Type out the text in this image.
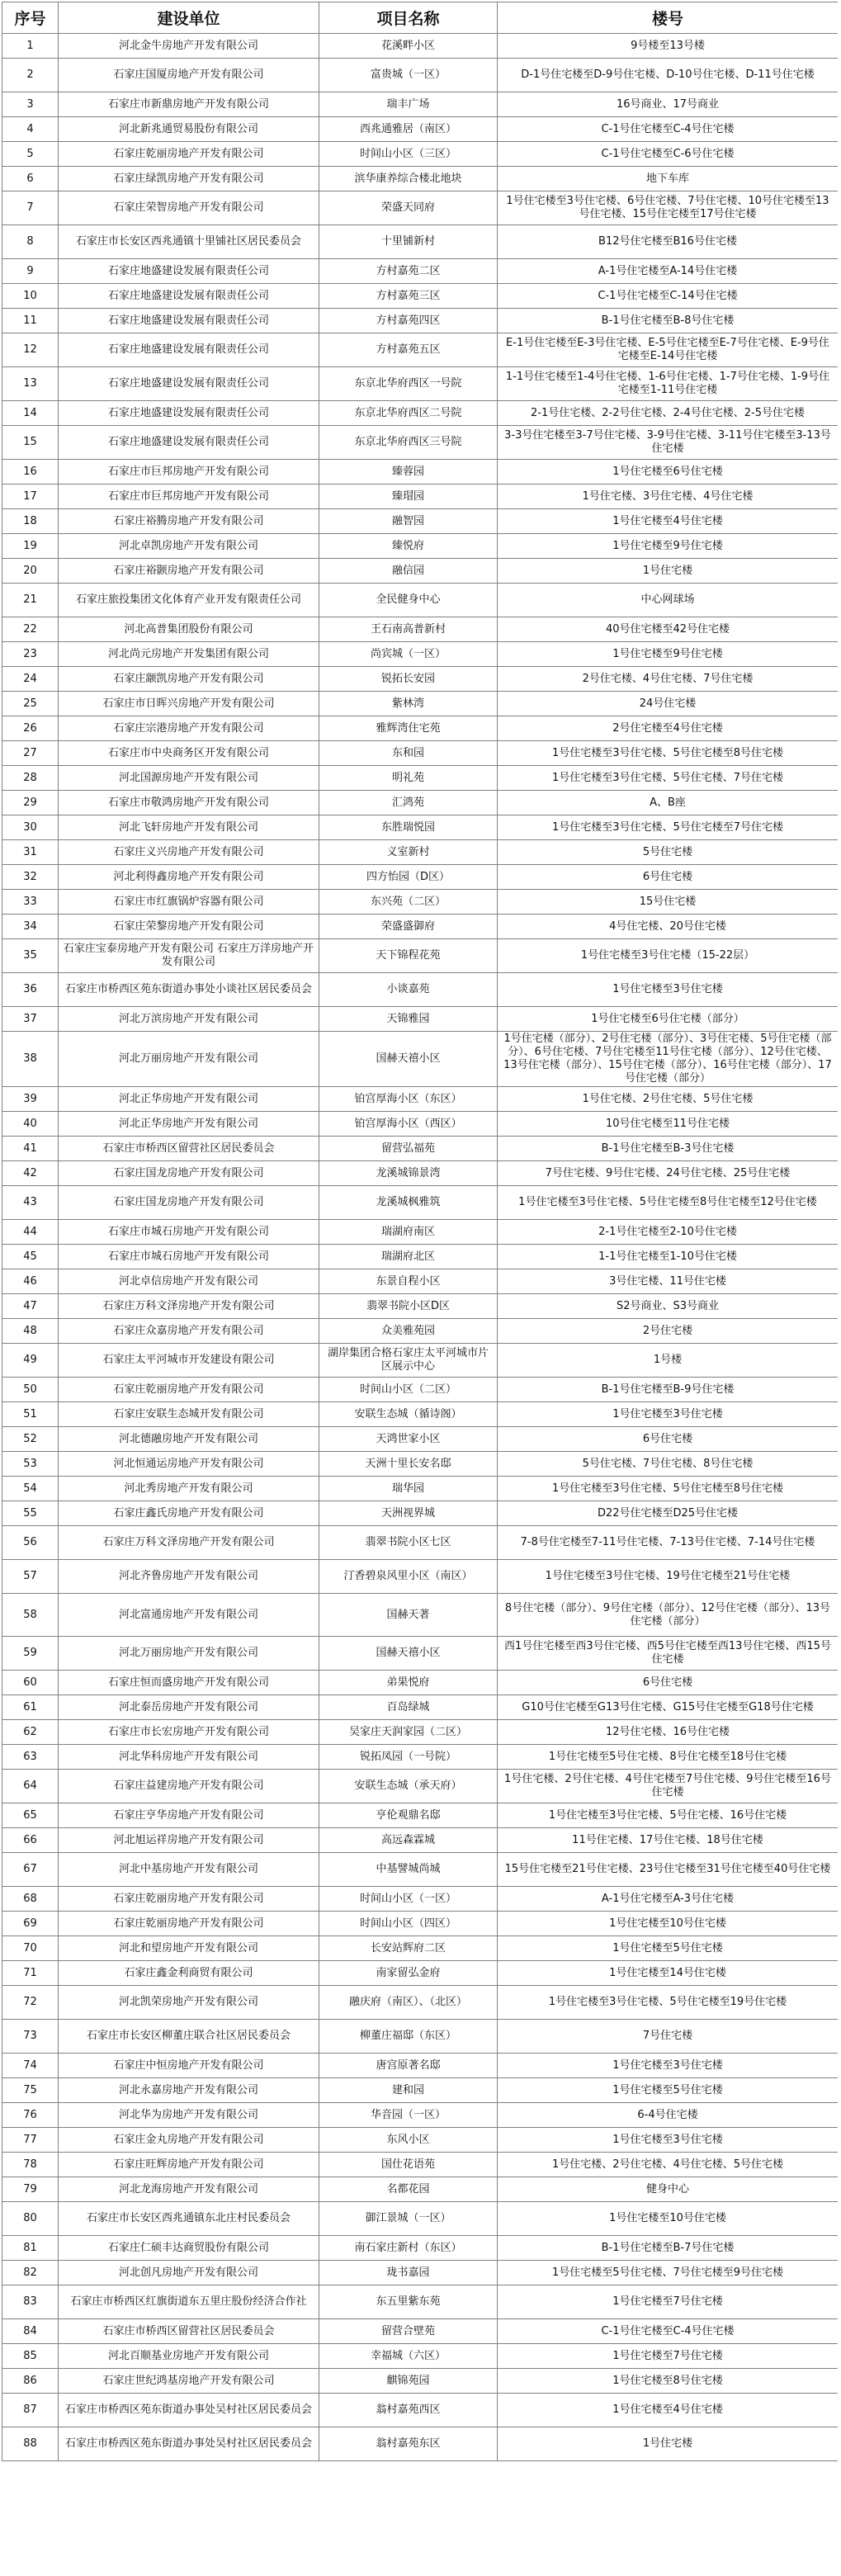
序号	建设单位	项目名称	楼号
1	河北金牛房地产开发有限公司	花溪畔小区	9号楼至13号楼
2	石家庄国厦房地产开发有限公司	富贵城（一区）	D-1号住宅楼至D-9号住宅楼、D-10号住宅楼、D-11号住宅楼
3	石家庄市新鼎房地产开发有限公司	瑞丰广场	16号商业、17号商业
4	河北新兆通贸易股份有限公司	西兆通雅居（南区）	C-1号住宅楼至C-4号住宅楼
5	石家庄乾丽房地产开发有限公司	时间山小区（三区）	C-1号住宅楼至C-6号住宅楼
6	石家庄绿凯房地产开发有限公司	滨华康养综合楼北地块	地下车库
7	石家庄荣智房地产开发有限公司	荣盛天同府	1号住宅楼至3号住宅楼、6号住宅楼、7号住宅楼、10号住宅楼至13号住宅楼、15号住宅楼至17号住宅楼
8	石家庄市长安区西兆通镇十里铺社区居民委员会	十里铺新村	B12号住宅楼至B16号住宅楼
9	石家庄地盛建设发展有限责任公司	方村嘉苑二区	A-1号住宅楼至A-14号住宅楼
10	石家庄地盛建设发展有限责任公司	方村嘉苑三区	C-1号住宅楼至C-14号住宅楼
11	石家庄地盛建设发展有限责任公司	方村嘉苑四区	B-1号住宅楼至B-8号住宅楼
12	石家庄地盛建设发展有限责任公司	方村嘉苑五区	E-1号住宅楼至E-3号住宅楼、E-5号住宅楼至E-7号住宅楼、E-9号住宅楼至E-14号住宅楼
13	石家庄地盛建设发展有限责任公司	东京北华府西区一号院	1-1号住宅楼至1-4号住宅楼、1-6号住宅楼、1-7号住宅楼、1-9号住宅楼至1-11号住宅楼
14	石家庄地盛建设发展有限责任公司	东京北华府西区二号院	2-1号住宅楼、2-2号住宅楼、2-4号住宅楼、2-5号住宅楼
15	石家庄地盛建设发展有限责任公司	东京北华府西区三号院	3-3号住宅楼至3-7号住宅楼、3-9号住宅楼、3-11号住宅楼至3-13号住宅楼
16	石家庄市巨邦房地产开发有限公司	臻蓉园	1号住宅楼至6号住宅楼
17	石家庄市巨邦房地产开发有限公司	臻瑁园	1号住宅楼、3号住宅楼、4号住宅楼
18	石家庄裕腾房地产开发有限公司	融智园	1号住宅楼至4号住宅楼
19	河北卓凯房地产开发有限公司	臻悦府	1号住宅楼至9号住宅楼
20	石家庄裕颢房地产开发有限公司	融信园	1号住宅楼
21	石家庄旅投集团文化体育产业开发有限责任公司	全民健身中心	中心网球场
22	河北高普集团股份有限公司	王石南高普新村	40号住宅楼至42号住宅楼
23	河北尚元房地产开发集团有限公司	尚宾城（一区）	1号住宅楼至9号住宅楼
24	石家庄颛凯房地产开发有限公司	锐拓长安园	2号住宅楼、4号住宅楼、7号住宅楼
25	石家庄市日晖兴房地产开发有限公司	紫林湾	24号住宅楼
26	石家庄宗港房地产开发有限公司	雅辉湾住宅苑	2号住宅楼至4号住宅楼
27	石家庄市中央商务区开发有限公司	东和园	1号住宅楼至3号住宅楼、5号住宅楼至8号住宅楼
28	河北国源房地产开发有限公司	明礼苑	1号住宅楼至3号住宅楼、5号住宅楼、7号住宅楼
29	石家庄市敬鸿房地产开发有限公司	汇鸿苑	A、B座
30	河北飞轩房地产开发有限公司	东胜瑞悦园	1号住宅楼至3号住宅楼、5号住宅楼至7号住宅楼
31	石家庄义兴房地产开发有限公司	义室新村	5号住宅楼
32	河北利得鑫房地产开发有限公司	四方怡园（D区）	6号住宅楼
33	石家庄市红旗锅炉容器有限公司	东兴苑（二区）	15号住宅楼
34	石家庄荣黎房地产开发有限公司	荣盛盛御府	4号住宅楼、20号住宅楼
35	石家庄宝泰房地产开发有限公司 石家庄万洋房地产开发有限公司	天下锦程花苑	1号住宅楼至3号住宅楼（15-22层）
36	石家庄市桥西区苑东街道办事处小谈社区居民委员会	小谈嘉苑	1号住宅楼至3号住宅楼
37	河北万滨房地产开发有限公司	天锦雅园	1号住宅楼至6号住宅楼（部分）
38	河北万丽房地产开发有限公司	国赫天禧小区	1号住宅楼（部分）、2号住宅楼（部分）、3号住宅楼、5号住宅楼（部分）、6号住宅楼、7号住宅楼至11号住宅楼（部分）、12号住宅楼、13号住宅楼（部分）、15号住宅楼（部分）、16号住宅楼（部分）、17号住宅楼（部分）
39	河北正华房地产开发有限公司	铂宫厚海小区（东区）	1号住宅楼、2号住宅楼、5号住宅楼
40	河北正华房地产开发有限公司	铂宫厚海小区（西区）	10号住宅楼至11号住宅楼
41	石家庄市桥西区留营社区居民委员会	留营弘福苑	B-1号住宅楼至B-3号住宅楼
42	石家庄国龙房地产开发有限公司	龙溪城锦景湾	7号住宅楼、9号住宅楼、24号住宅楼、25号住宅楼
43	石家庄国龙房地产开发有限公司	龙溪城枫雅筑	1号住宅楼至3号住宅楼、5号住宅楼至8号住宅楼至12号住宅楼
44	石家庄市城石房地产开发有限公司	瑞湖府南区	2-1号住宅楼至2-10号住宅楼
45	石家庄市城石房地产开发有限公司	瑞湖府北区	1-1号住宅楼至1-10号住宅楼
46	河北卓信房地产开发有限公司	东景自程小区	3号住宅楼、11号住宅楼
47	石家庄万科文泽房地产开发有限公司	翡翠书院小区D区	S2号商业、S3号商业
48	石家庄众嘉房地产开发有限公司	众美雅苑园	2号住宅楼
49	石家庄太平河城市开发建设有限公司	湖岸集团合格石家庄太平河城市片区展示中心	1号楼
50	石家庄乾丽房地产开发有限公司	时间山小区（二区）	B-1号住宅楼至B-9号住宅楼
51	石家庄安联生态城开发有限公司	安联生态城（循诗阁）	1号住宅楼至3号住宅楼
52	河北德融房地产开发有限公司	天鸿世家小区	6号住宅楼
53	河北恒通运房地产开发有限公司	天洲十里长安名邸	5号住宅楼、7号住宅楼、8号住宅楼
54	河北秀房地产开发有限公司	瑞华园	1号住宅楼至3号住宅楼、5号住宅楼至8号住宅楼
55	石家庄鑫氏房地产开发有限公司	天洲视界城	D22号住宅楼至D25号住宅楼
56	石家庄万科文泽房地产开发有限公司	翡翠书院小区七区	7-8号住宅楼至7-11号住宅楼、7-13号住宅楼、7-14号住宅楼
57	河北齐鲁房地产开发有限公司	汀香碧泉风里小区（南区）	1号住宅楼至3号住宅楼、19号住宅楼至21号住宅楼
58	河北富通房地产开发有限公司	国赫天著	8号住宅楼（部分）、9号住宅楼（部分）、12号住宅楼（部分）、13号住宅楼（部分）
59	河北万丽房地产开发有限公司	国赫天禧小区	西1号住宅楼至西3号住宅楼、西5号住宅楼至西13号住宅楼、西15号住宅楼
60	石家庄恒而盛房地产开发有限公司	弟果悦府	6号住宅楼
61	河北泰岳房地产开发有限公司	百岛绿城	G10号住宅楼至G13号住宅楼、G15号住宅楼至G18号住宅楼
62	石家庄市长宏房地产开发有限公司	吴家庄天润家园（二区）	12号住宅楼、16号住宅楼
63	河北华科房地产开发有限公司	锐拓凤园（一号院）	1号住宅楼至5号住宅楼、8号住宅楼至18号住宅楼
64	石家庄益建房地产开发有限公司	安联生态城（承天府）	1号住宅楼、2号住宅楼、4号住宅楼至7号住宅楼、9号住宅楼至16号住宅楼
65	石家庄亨华房地产开发有限公司	亨伦观鼎名邸	1号住宅楼至3号住宅楼、5号住宅楼、16号住宅楼
66	河北旭运祥房地产开发有限公司	高远森霖城	11号住宅楼、17号住宅楼、18号住宅楼
67	河北中基房地产开发有限公司	中基譬城尚城	15号住宅楼至21号住宅楼、23号住宅楼至31号住宅楼至40号住宅楼
68	石家庄乾丽房地产开发有限公司	时间山小区（一区）	A-1号住宅楼至A-3号住宅楼
69	石家庄乾丽房地产开发有限公司	时间山小区（四区）	1号住宅楼至10号住宅楼
70	河北和望房地产开发有限公司	长安站辉府二区	1号住宅楼至5号住宅楼
71	石家庄鑫金利商贸有限公司	南家留弘金府	1号住宅楼至14号住宅楼
72	河北凯荣房地产开发有限公司	融庆府（南区）、（北区）	1号住宅楼至3号住宅楼、5号住宅楼至19号住宅楼
73	石家庄市长安区柳董庄联合社区居民委员会	柳董庄福邸（东区）	7号住宅楼
74	石家庄中恒房地产开发有限公司	唐宫原著名邸	1号住宅楼至3号住宅楼
75	河北永嘉房地产开发有限公司	建和园	1号住宅楼至5号住宅楼
76	河北华为房地产开发有限公司	华音园（一区）	6-4号住宅楼
77	石家庄金丸房地产开发有限公司	东风小区	1号住宅楼至3号住宅楼
78	石家庄旺辉房地产开发有限公司	国仕花语苑	1号住宅楼、2号住宅楼、4号住宅楼、5号住宅楼
79	河北龙海房地产开发有限公司	名都花园	健身中心
80	石家庄市长安区西兆通镇东北庄村民委员会	御江景城（一区）	1号住宅楼至10号住宅楼
81	石家庄仁硕丰达商贸股份有限公司	南石家庄新村（东区）	B-1号住宅楼至B-7号住宅楼
82	河北创凡房地产开发有限公司	珑书嘉园	1号住宅楼至5号住宅楼、7号住宅楼至9号住宅楼
83	石家庄市桥西区红旗街道东五里庄股份经济合作社	东五里紫东苑	1号住宅楼至7号住宅楼
84	石家庄市桥西区留营社区居民委员会	留营合壁苑	C-1号住宅楼至C-4号住宅楼
85	河北百顺基业房地产开发有限公司	幸福城（六区）	1号住宅楼至7号住宅楼
86	石家庄世纪鸿基房地产开发有限公司	麒锦苑园	1号住宅楼至8号住宅楼
87	石家庄市桥西区苑东街道办事处吴村社区居民委员会	翁村嘉苑西区	1号住宅楼至4号住宅楼
88	石家庄市桥西区苑东街道办事处吴村社区居民委员会	翁村嘉苑东区	1号住宅楼
